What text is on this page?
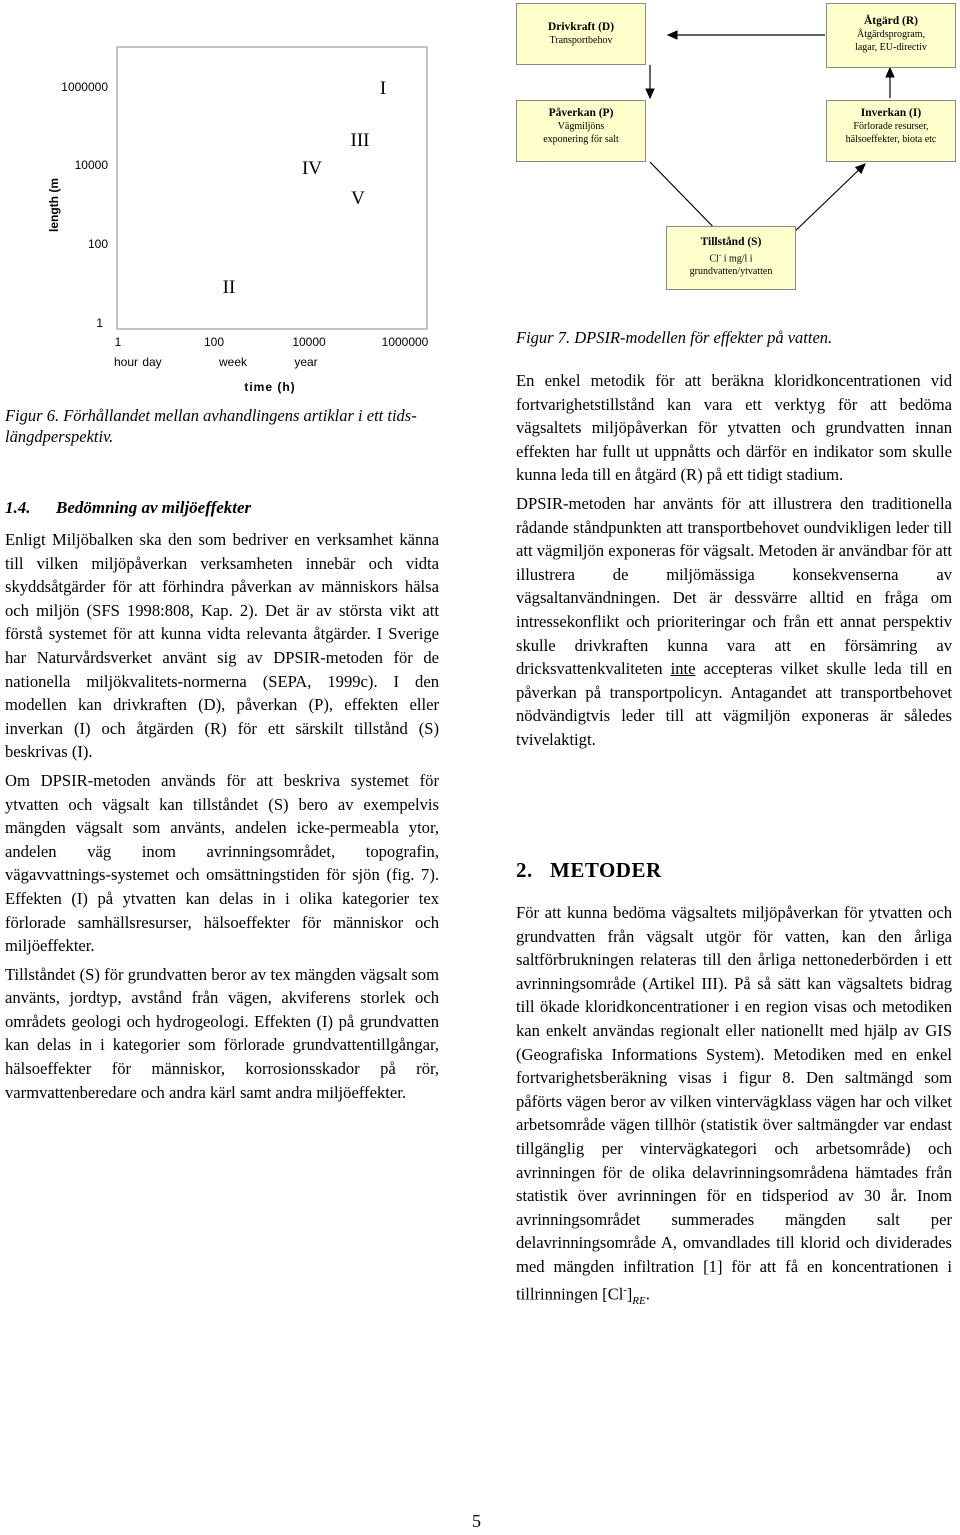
length (m
1000000
10000
100
1
1	100	10000	1000000
hour day	week	year
time (h)
I
III
IV
V
II
Figur 6. Förhållandet mellan avhandlingens artiklar i ett tids-längdperspektiv.
Drivkraft (D)
Transportbehov
Åtgärd (R)
Åtgärdsprogram,
lagar, EU-directiv
Påverkan (P)
Vägmiljöns
exponering för salt
Inverkan (I)
Förlorade resurser,
hälsoeffekter, biota etc
Tillstånd (S)
Cl- i mg/l i
grundvatten/ytvatten
Figur 7. DPSIR-modellen för effekter på vatten.
1.4. Bedömning av miljöeffekter

Enligt Miljöbalken ska den som bedriver en verksamhet känna till vilken miljöpåverkan verksamheten innebär och vidta skyddsåtgärder för att förhindra påverkan av människors hälsa och miljön (SFS 1998:808, Kap. 2). Det är av största vikt att förstå systemet för att kunna vidta relevanta åtgärder. I Sverige har Naturvårdsverket använt sig av DPSIR-metoden för de nationella miljökvalitets-normerna (SEPA, 1999c). I den modellen kan drivkraften (D), påverkan (P), effekten eller inverkan (I) och åtgärden (R) för ett särskilt tillstånd (S) beskrivas (I).

Om DPSIR-metoden används för att beskriva systemet för ytvatten och vägsalt kan tillståndet (S) bero av exempelvis mängden vägsalt som använts, andelen icke-permeabla ytor, andelen väg inom avrinningsområdet, topografin, vägavvattnings-systemet och omsättningstiden för sjön (fig. 7). Effekten (I) på ytvatten kan delas in i olika kategorier tex förlorade samhällsresurser, hälsoeffekter för människor och miljöeffekter.

Tillståndet (S) för grundvatten beror av tex mängden vägsalt som använts, jordtyp, avstånd från vägen, akviferens storlek och områdets geologi och hydrogeologi. Effekten (I) på grundvatten kan delas in i kategorier som förlorade grundvattentillgångar, hälsoeffekter för människor, korrosionsskador på rör, varmvattenberedare och andra kärl samt andra miljöeffekter.

En enkel metodik för att beräkna kloridkoncentrationen vid fortvarighetstillstånd kan vara ett verktyg för att bedöma vägsaltets miljöpåverkan för ytvatten och grundvatten innan effekten har fullt ut uppnåtts och därför en indikator som skulle kunna leda till en åtgärd (R) på ett tidigt stadium.

DPSIR-metoden har använts för att illustrera den traditionella rådande ståndpunkten att transportbehovet oundvikligen leder till att vägmiljön exponeras för vägsalt. Metoden är användbar för att illustrera de miljömässiga konsekvenserna av vägsaltanvändningen. Det är dessvärre alltid en fråga om intressekonflikt och prioriteringar och från ett annat perspektiv skulle drivkraften kunna vara att en försämring av dricksvattenkvaliteten inte accepteras vilket skulle leda till en påverkan på transportpolicyn. Antagandet att transportbehovet nödvändigtvis leder till att vägmiljön exponeras är således tvivelaktigt.

2. METODER

För att kunna bedöma vägsaltets miljöpåverkan för ytvatten och grundvatten från vägsalt utgör för vatten, kan den årliga saltförbrukningen relateras till den årliga nettonederbörden i ett avrinningsområde (Artikel III). På så sätt kan vägsaltets bidrag till ökade kloridkoncentrationer i en region visas och metodiken kan enkelt användas regionalt eller nationellt med hjälp av GIS (Geografiska Informations System). Metodiken med en enkel fortvarighetsberäkning visas i figur 8. Den saltmängd som påförts vägen beror av vilken vintervägklass vägen har och vilket arbetsområde vägen tillhör (statistik över saltmängder var endast tillgänglig per vintervägkategori och arbetsområde) och avrinningen för de olika delavrinningsområdena hämtades från statistik över avrinningen för en tidsperiod av 30 år. Inom avrinningsområdet summerades mängden salt per delavrinningsområde A, omvandlades till klorid och dividerades med mängden infiltration [1] för att få en koncentrationen i tillrinningen $[Cl^-]_{RE}$.

5
